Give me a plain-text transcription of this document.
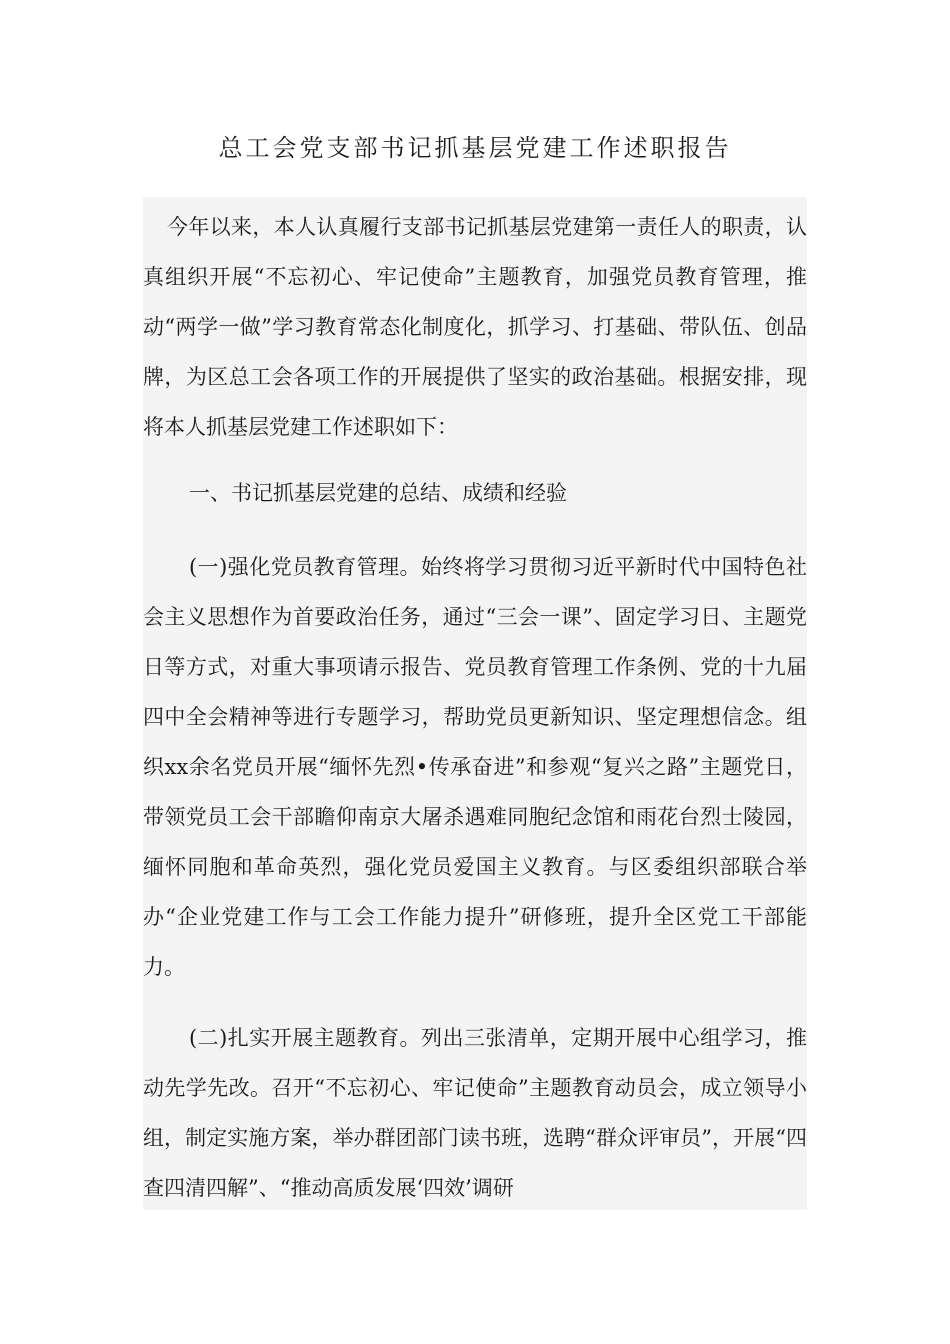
总工会党支部书记抓基层党建工作述职报告

今年以来，本人认真履行支部书记抓基层党建第一责任人的职责，认真组织开展“不忘初心、牢记使命”主题教育，加强党员教育管理，推动“两学一做”学习教育常态化制度化，抓学习、打基础、带队伍、创品牌，为区总工会各项工作的开展提供了坚实的政治基础。根据安排，现将本人抓基层党建工作述职如下：

一、书记抓基层党建的总结、成绩和经验

(一)强化党员教育管理。始终将学习贯彻习近平新时代中国特色社会主义思想作为首要政治任务，通过“三会一课”、固定学习日、主题党日等方式，对重大事项请示报告、党员教育管理工作条例、党的十九届四中全会精神等进行专题学习，帮助党员更新知识、坚定理想信念。组织xx余名党员开展“缅怀先烈•传承奋进”和参观“复兴之路”主题党日，带领党员工会干部瞻仰南京大屠杀遇难同胞纪念馆和雨花台烈士陵园，缅怀同胞和革命英烈，强化党员爱国主义教育。与区委组织部联合举办“企业党建工作与工会工作能力提升”研修班，提升全区党工干部能力。

(二)扎实开展主题教育。列出三张清单，定期开展中心组学习，推动先学先改。召开“不忘初心、牢记使命”主题教育动员会，成立领导小组，制定实施方案，举办群团部门读书班，选聘“群众评审员”，开展“四查四清四解”、“推动高质发展‘四效’调研
